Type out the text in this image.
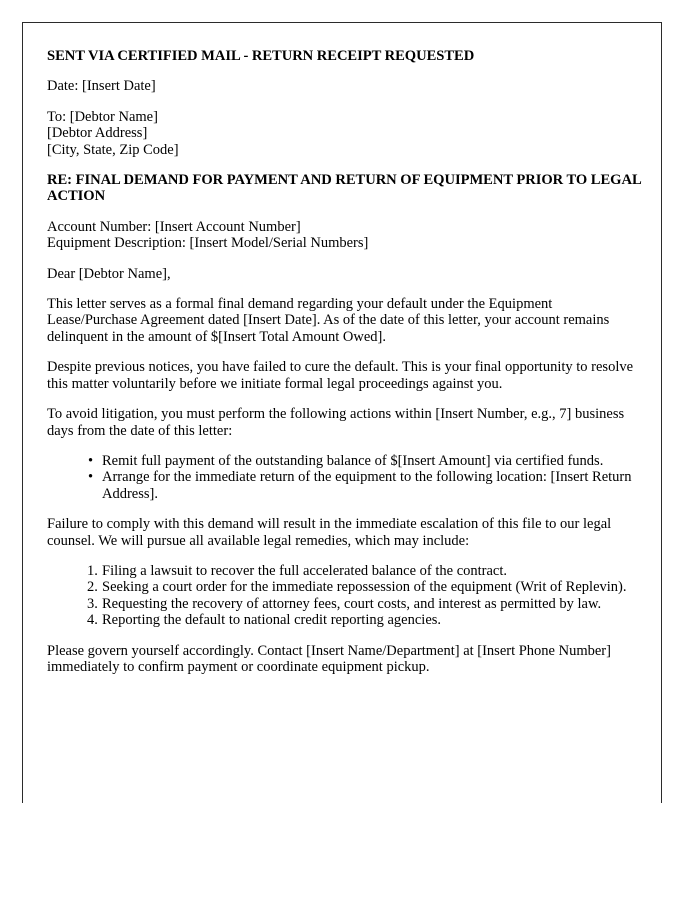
SENT VIA CERTIFIED MAIL - RETURN RECEIPT REQUESTED

Date: [Insert Date]

To: [Debtor Name]
[Debtor Address]
[City, State, Zip Code]

RE: FINAL DEMAND FOR PAYMENT AND RETURN OF EQUIPMENT PRIOR TO LEGAL ACTION

Account Number: [Insert Account Number]
Equipment Description: [Insert Model/Serial Numbers]

Dear [Debtor Name],

This letter serves as a formal final demand regarding your default under the Equipment Lease/Purchase Agreement dated [Insert Date]. As of the date of this letter, your account remains delinquent in the amount of $[Insert Total Amount Owed].

Despite previous notices, you have failed to cure the default. This is your final opportunity to resolve this matter voluntarily before we initiate formal legal proceedings against you.

To avoid litigation, you must perform the following actions within [Insert Number, e.g., 7] business days from the date of this letter:

• Remit full payment of the outstanding balance of $[Insert Amount] via certified funds.
• Arrange for the immediate return of the equipment to the following location: [Insert Return Address].

Failure to comply with this demand will result in the immediate escalation of this file to our legal counsel. We will pursue all available legal remedies, which may include:

Filing a lawsuit to recover the full accelerated balance of the contract.
Seeking a court order for the immediate repossession of the equipment (Writ of Replevin).
Requesting the recovery of attorney fees, court costs, and interest as permitted by law.
Reporting the default to national credit reporting agencies.

Please govern yourself accordingly. Contact [Insert Name/Department] at [Insert Phone Number] immediately to confirm payment or coordinate equipment pickup.
